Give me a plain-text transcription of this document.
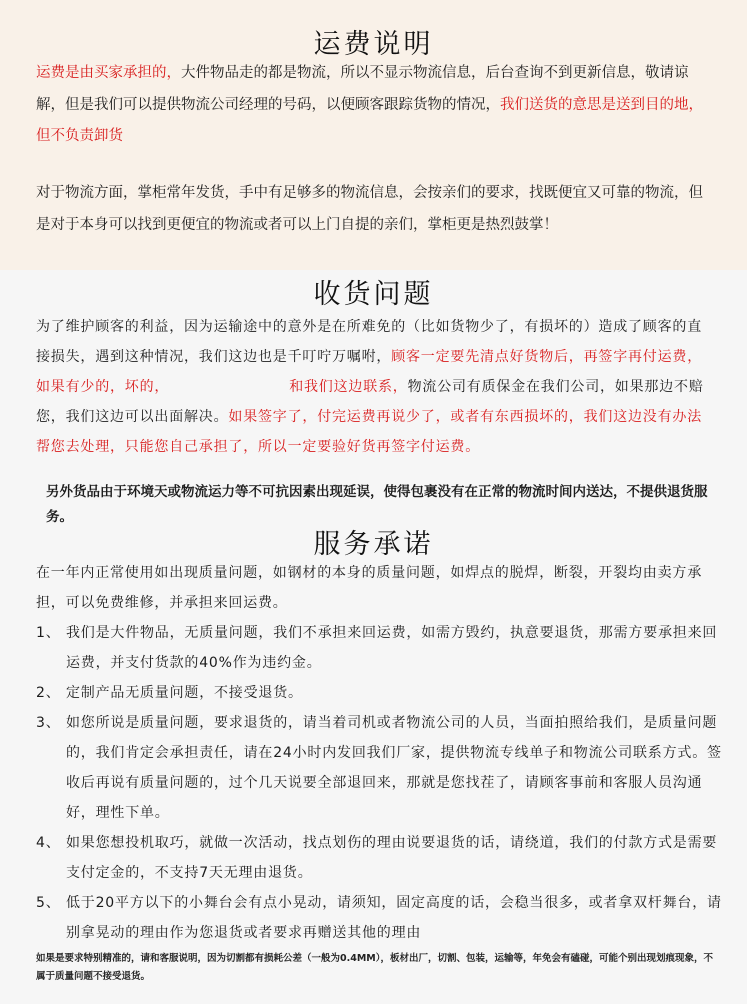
运费说明
运费是由买家承担的，大件物品走的都是物流，所以不显示物流信息，后台查询不到更新信息，敬请谅解，但是我们可以提供物流公司经理的号码，以便顾客跟踪货物的情况，我们送货的意思是送到目的地，但不负责卸货
对于物流方面，掌柜常年发货，手中有足够多的物流信息，会按亲们的要求，找既便宜又可靠的物流，但是对于本身可以找到更便宜的物流或者可以上门自提的亲们，掌柜更是热烈鼓掌！
收货问题
为了维护顾客的利益，因为运输途中的意外是在所难免的（比如货物少了，有损坏的）造成了顾客的直接损失，遇到这种情况，我们这边也是千叮咛万嘱咐，顾客一定要先清点好货物后，再签字再付运费，如果有少的，坏的，	和我们这边联系，物流公司有质保金在我们公司，如果那边不赔您，我们这边可以出面解决。如果签字了，付完运费再说少了，或者有东西损坏的，我们这边没有办法帮您去处理，只能您自己承担了，所以一定要验好货再签字付运费。
另外货品由于环境天或物流运力等不可抗因素出现延误，使得包裹没有在正常的物流时间内送达，不提供退货服务。
服务承诺
在一年内正常使用如出现质量问题，如钢材的本身的质量问题，如焊点的脱焊，断裂，开裂均由卖方承担，可以免费维修，并承担来回运费。
1、 我们是大件物品，无质量问题，我们不承担来回运费，如需方毁约，执意要退货，那需方要承担来回运费，并支付货款的40%作为违约金。
2、 定制产品无质量问题，不接受退货。
3、 如您所说是质量问题，要求退货的，请当着司机或者物流公司的人员，当面拍照给我们，是质量问题的，我们肯定会承担责任，请在24小时内发回我们厂家，提供物流专线单子和物流公司联系方式。签收后再说有质量问题的，过个几天说要全部退回来，那就是您找茬了，请顾客事前和客服人员沟通好，理性下单。
4、 如果您想投机取巧，就做一次活动，找点划伤的理由说要退货的话，请绕道，我们的付款方式是需要支付定金的，不支持7天无理由退货。
5、 低于20平方以下的小舞台会有点小晃动，请须知，固定高度的话，会稳当很多，或者拿双杆舞台，请别拿晃动的理由作为您退货或者要求再赠送其他的理由
如果是要求特别精准的，请和客服说明，因为切割都有损耗公差（一般为0.4MM），板材出厂，切割、包装，运输等，年免会有磕碰，可能个别出现划痕现象，不属于质量问题不接受退货。
